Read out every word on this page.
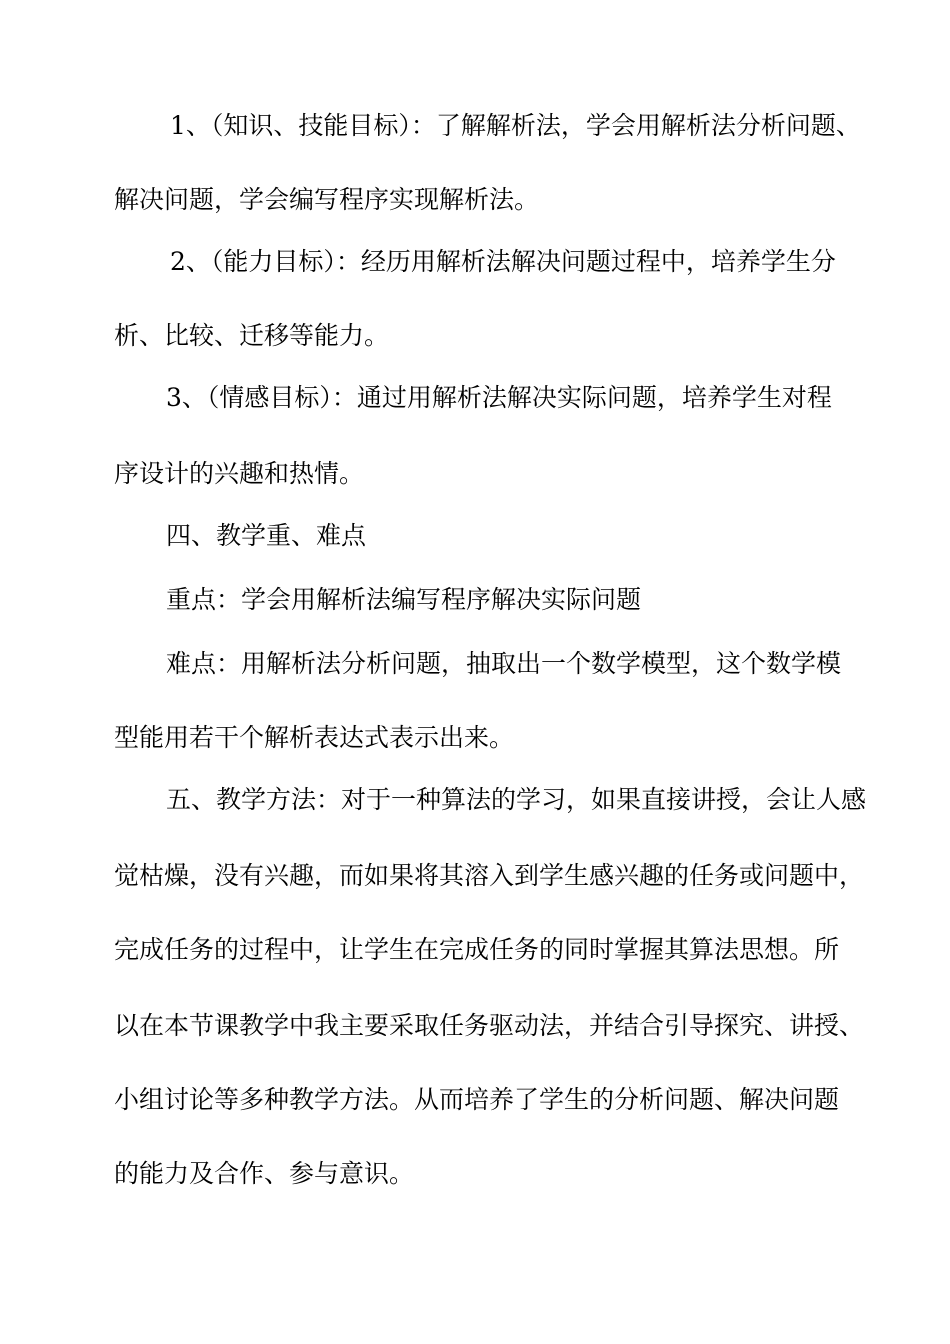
1、（知识、技能目标）：了解解析法，学会用解析法分析问题、
解决问题，学会编写程序实现解析法。
2、（能力目标）：经历用解析法解决问题过程中，培养学生分
析、比较、迁移等能力。
3、（情感目标）：通过用解析法解决实际问题，培养学生对程
序设计的兴趣和热情。
四、教学重、难点
重点：学会用解析法编写程序解决实际问题
难点：用解析法分析问题，抽取出一个数学模型，这个数学模
型能用若干个解析表达式表示出来。
五、教学方法：对于一种算法的学习，如果直接讲授，会让人感
觉枯燥，没有兴趣，而如果将其溶入到学生感兴趣的任务或问题中，
完成任务的过程中，让学生在完成任务的同时掌握其算法思想。所
以在本节课教学中我主要采取任务驱动法，并结合引导探究、讲授、
小组讨论等多种教学方法。从而培养了学生的分析问题、解决问题
的能力及合作、参与意识。
